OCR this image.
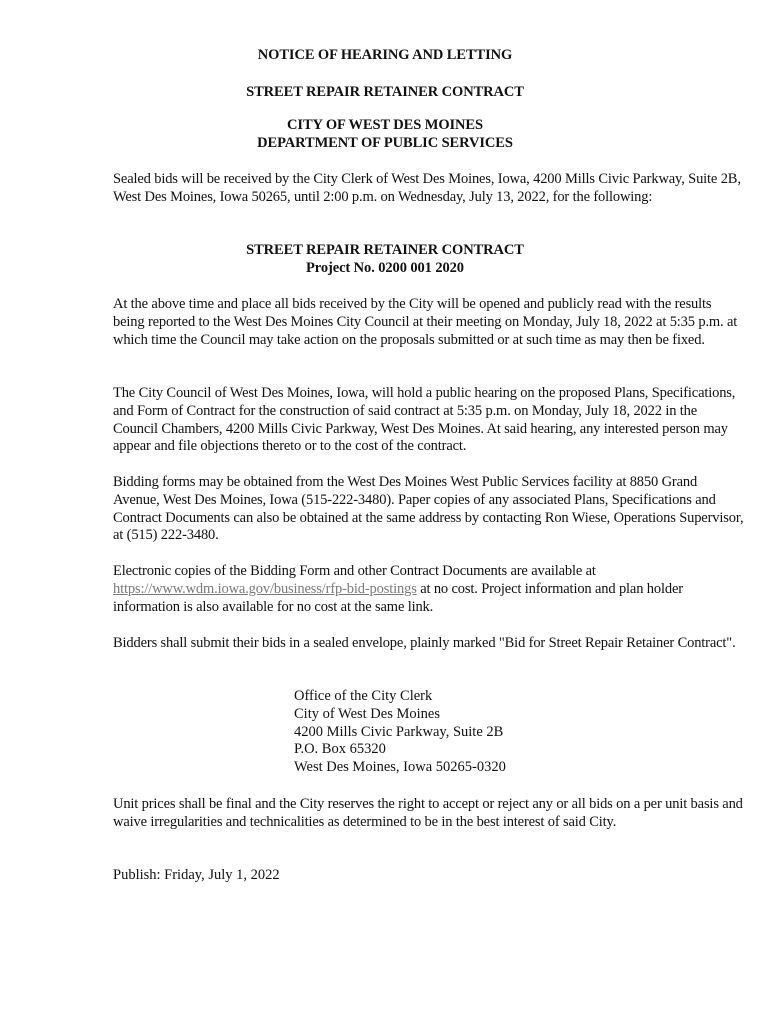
NOTICE OF HEARING AND LETTING
STREET REPAIR RETAINER CONTRACT
CITY OF WEST DES MOINES
DEPARTMENT OF PUBLIC SERVICES

Sealed bids will be received by the City Clerk of West Des Moines, Iowa, 4200 Mills Civic Parkway, Suite 2B, West Des Moines, Iowa 50265, until 2:00 p.m. on Wednesday, July 13, 2022, for the following:

STREET REPAIR RETAINER CONTRACT
Project No. 0200 001 2020

At the above time and place all bids received by the City will be opened and publicly read with the results being reported to the West Des Moines City Council at their meeting on Monday, July 18, 2022 at 5:35 p.m. at which time the Council may take action on the proposals submitted or at such time as may then be fixed.

The City Council of West Des Moines, Iowa, will hold a public hearing on the proposed Plans, Specifications, and Form of Contract for the construction of said contract at 5:35 p.m. on Monday, July 18, 2022 in the Council Chambers, 4200 Mills Civic Parkway, West Des Moines. At said hearing, any interested person may appear and file objections thereto or to the cost of the contract.

Bidding forms may be obtained from the West Des Moines West Public Services facility at 8850 Grand Avenue, West Des Moines, Iowa (515-222-3480). Paper copies of any associated Plans, Specifications and Contract Documents can also be obtained at the same address by contacting Ron Wiese, Operations Supervisor, at (515) 222-3480.

Electronic copies of the Bidding Form and other Contract Documents are available at https://www.wdm.iowa.gov/business/rfp-bid-postings at no cost. Project information and plan holder information is also available for no cost at the same link.

Bidders shall submit their bids in a sealed envelope, plainly marked "Bid for Street Repair Retainer Contract".

Office of the City Clerk
City of West Des Moines
4200 Mills Civic Parkway, Suite 2B
P.O. Box 65320
West Des Moines, Iowa 50265-0320

Unit prices shall be final and the City reserves the right to accept or reject any or all bids on a per unit basis and waive irregularities and technicalities as determined to be in the best interest of said City.

Publish: Friday, July 1, 2022
